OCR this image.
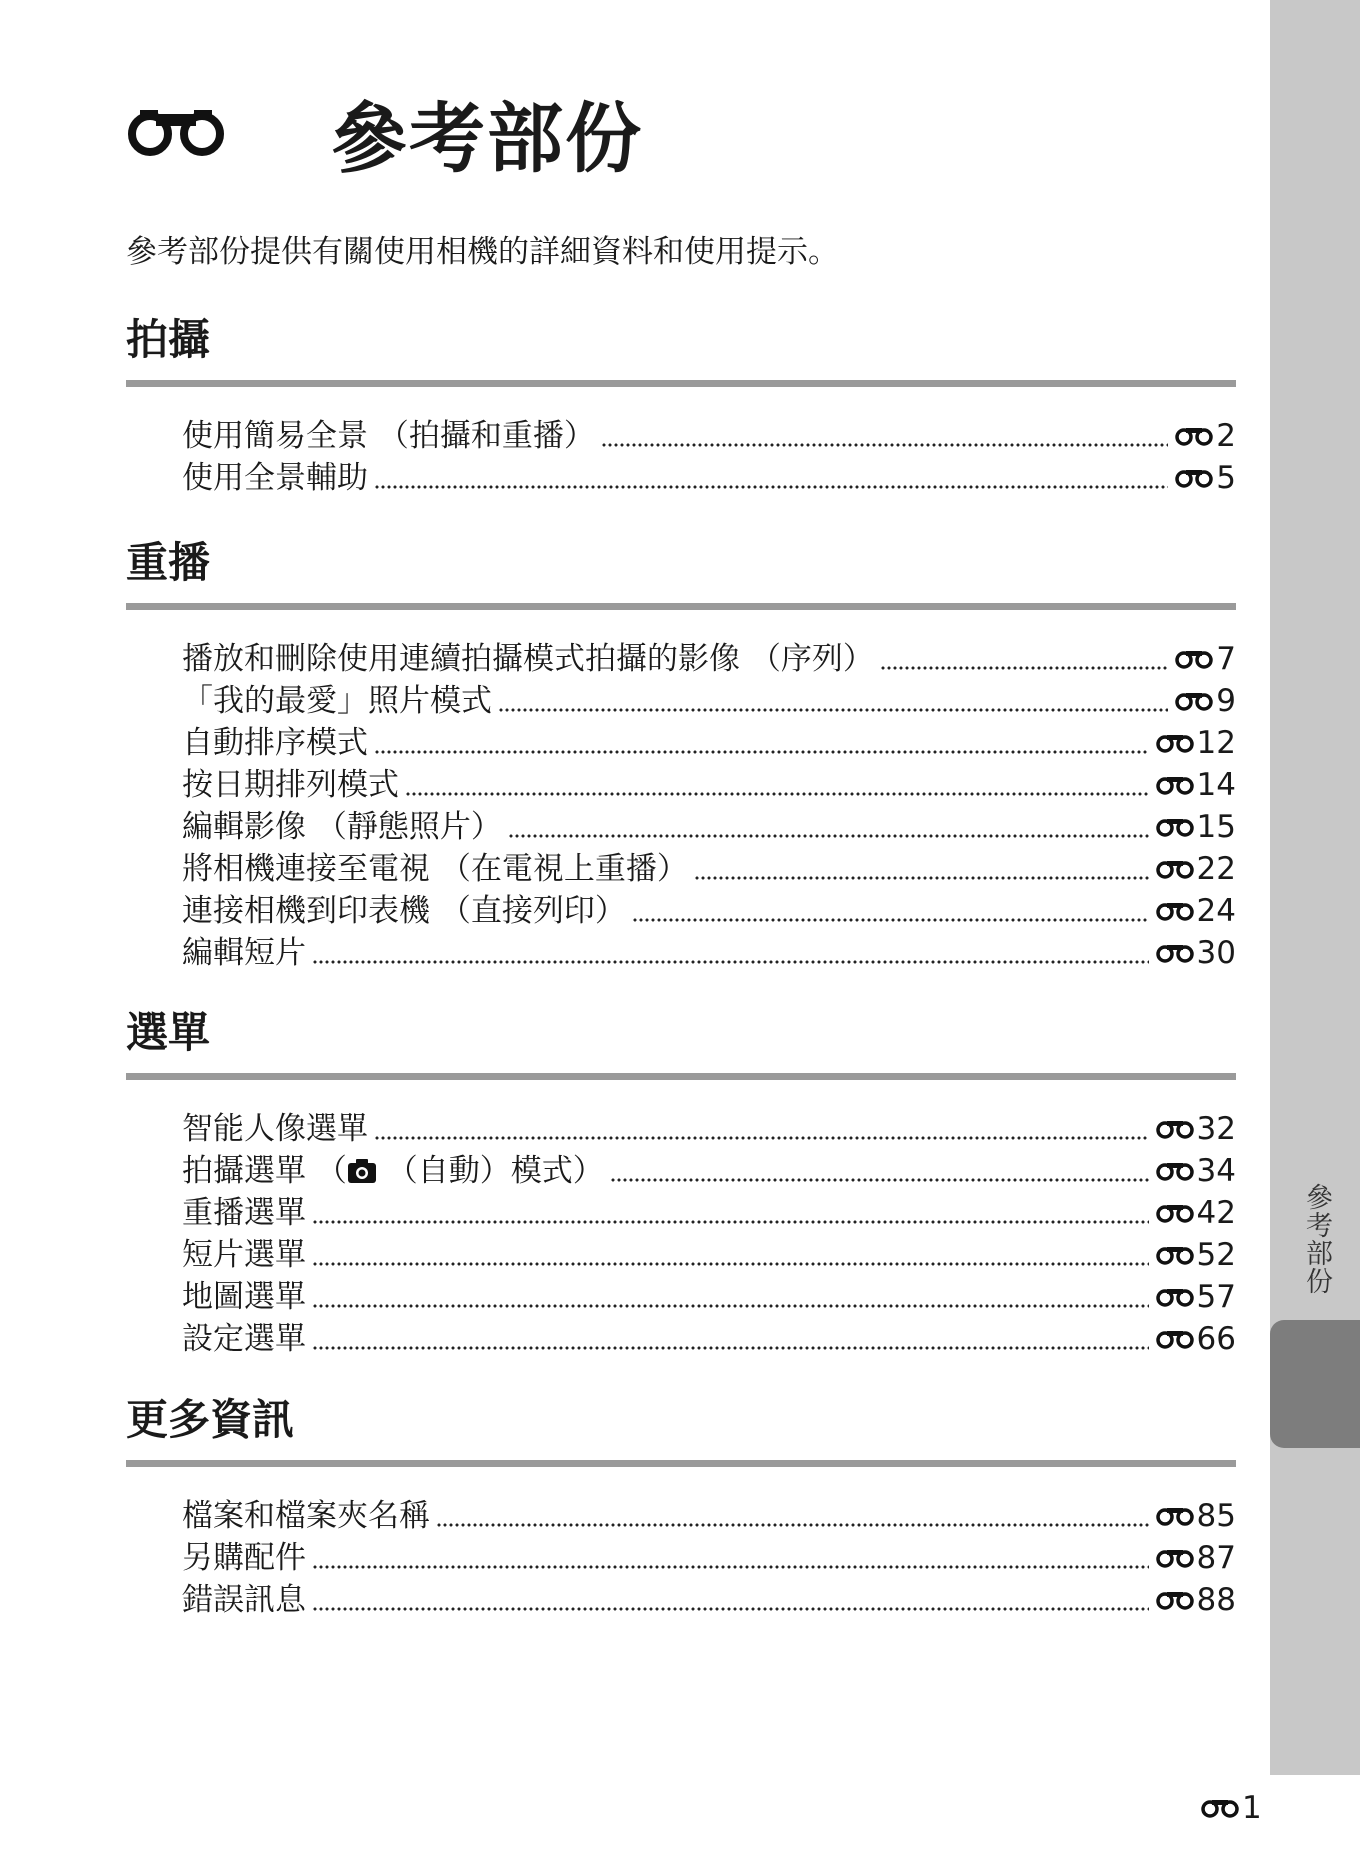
參考部份
參考部份
參考部份提供有關使用相機的詳細資料和使用提示。
拍攝
使用簡易全景 （拍攝和重播）	2
使用全景輔助	5
重播
播放和刪除使用連續拍攝模式拍攝的影像 （序列）	7
「我的最愛」照片模式	9
自動排序模式	12
按日期排列模式	14
編輯影像 （靜態照片）	15
將相機連接至電視 （在電視上重播）	22
連接相機到印表機 （直接列印）	24
編輯短片	30
選單
智能人像選單	32
拍攝選單 （ （自動）模式）	34
重播選單	42
短片選單	52
地圖選單	57
設定選單	66
更多資訊
檔案和檔案夾名稱	85
另購配件	87
錯誤訊息	88
1
